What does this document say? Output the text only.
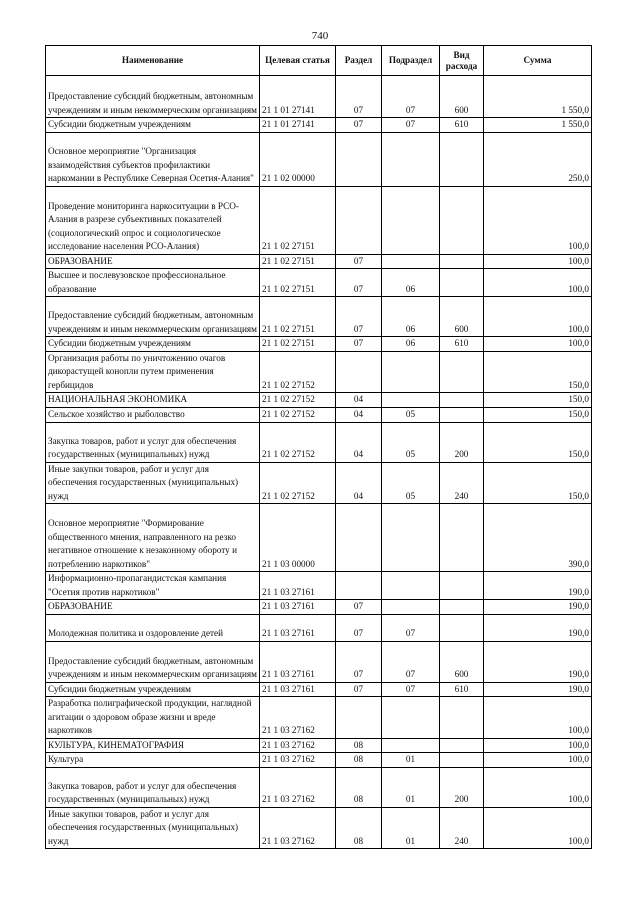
740
Наименование	Целевая статья	Раздел	Подраздел	Вид расхода	Сумма
Предоставление субсидий бюджетным, автономным учреждениям и иным некоммерческим организациям	21 1 01 27141	07	07	600	1 550,0
Субсидии бюджетным учреждениям	21 1 01 27141	07	07	610	1 550,0
Основное мероприятие "Организация взаимодействия субъектов профилактики наркомании в Республике Северная Осетия-Алания"	21 1 02 00000				250,0
Проведение мониторинга наркоситуации в РСО-Алания в разрезе субъективных показателей (социологический опрос и социологическое исследование населения РСО-Алания)	21 1 02 27151				100,0
ОБРАЗОВАНИЕ	21 1 02 27151	07			100,0
Высшее и послевузовское профессиональное образование	21 1 02 27151	07	06		100,0
Предоставление субсидий бюджетным, автономным учреждениям и иным некоммерческим организациям	21 1 02 27151	07	06	600	100,0
Субсидии бюджетным учреждениям	21 1 02 27151	07	06	610	100,0
Организация работы по уничтожению очагов дикорастущей конопли путем применения гербицидов	21 1 02 27152				150,0
НАЦИОНАЛЬНАЯ ЭКОНОМИКА	21 1 02 27152	04			150,0
Сельское хозяйство и рыболовство	21 1 02 27152	04	05		150,0
Закупка товаров, работ и услуг для обеспечения государственных (муниципальных) нужд	21 1 02 27152	04	05	200	150,0
Иные закупки товаров, работ и услуг для обеспечения государственных (муниципальных) нужд	21 1 02 27152	04	05	240	150,0
Основное мероприятие "Формирование общественного мнения, направленного на резко негативное отношение к незаконному обороту и потреблению наркотиков"	21 1 03 00000				390,0
Информационно-пропагандистская кампания "Осетия против наркотиков"	21 1 03 27161				190,0
ОБРАЗОВАНИЕ	21 1 03 27161	07			190,0
Молодежная политика и оздоровление детей	21 1 03 27161	07	07		190,0
Предоставление субсидий бюджетным, автономным учреждениям и иным некоммерческим организациям	21 1 03 27161	07	07	600	190,0
Субсидии бюджетным учреждениям	21 1 03 27161	07	07	610	190,0
Разработка полиграфической продукции, наглядной агитации о здоровом образе жизни и вреде наркотиков	21 1 03 27162				100,0
КУЛЬТУРА, КИНЕМАТОГРАФИЯ	21 1 03 27162	08			100,0
Культура	21 1 03 27162	08	01		100,0
Закупка товаров, работ и услуг для обеспечения государственных (муниципальных) нужд	21 1 03 27162	08	01	200	100,0
Иные закупки товаров, работ и услуг для обеспечения государственных (муниципальных) нужд	21 1 03 27162	08	01	240	100,0
